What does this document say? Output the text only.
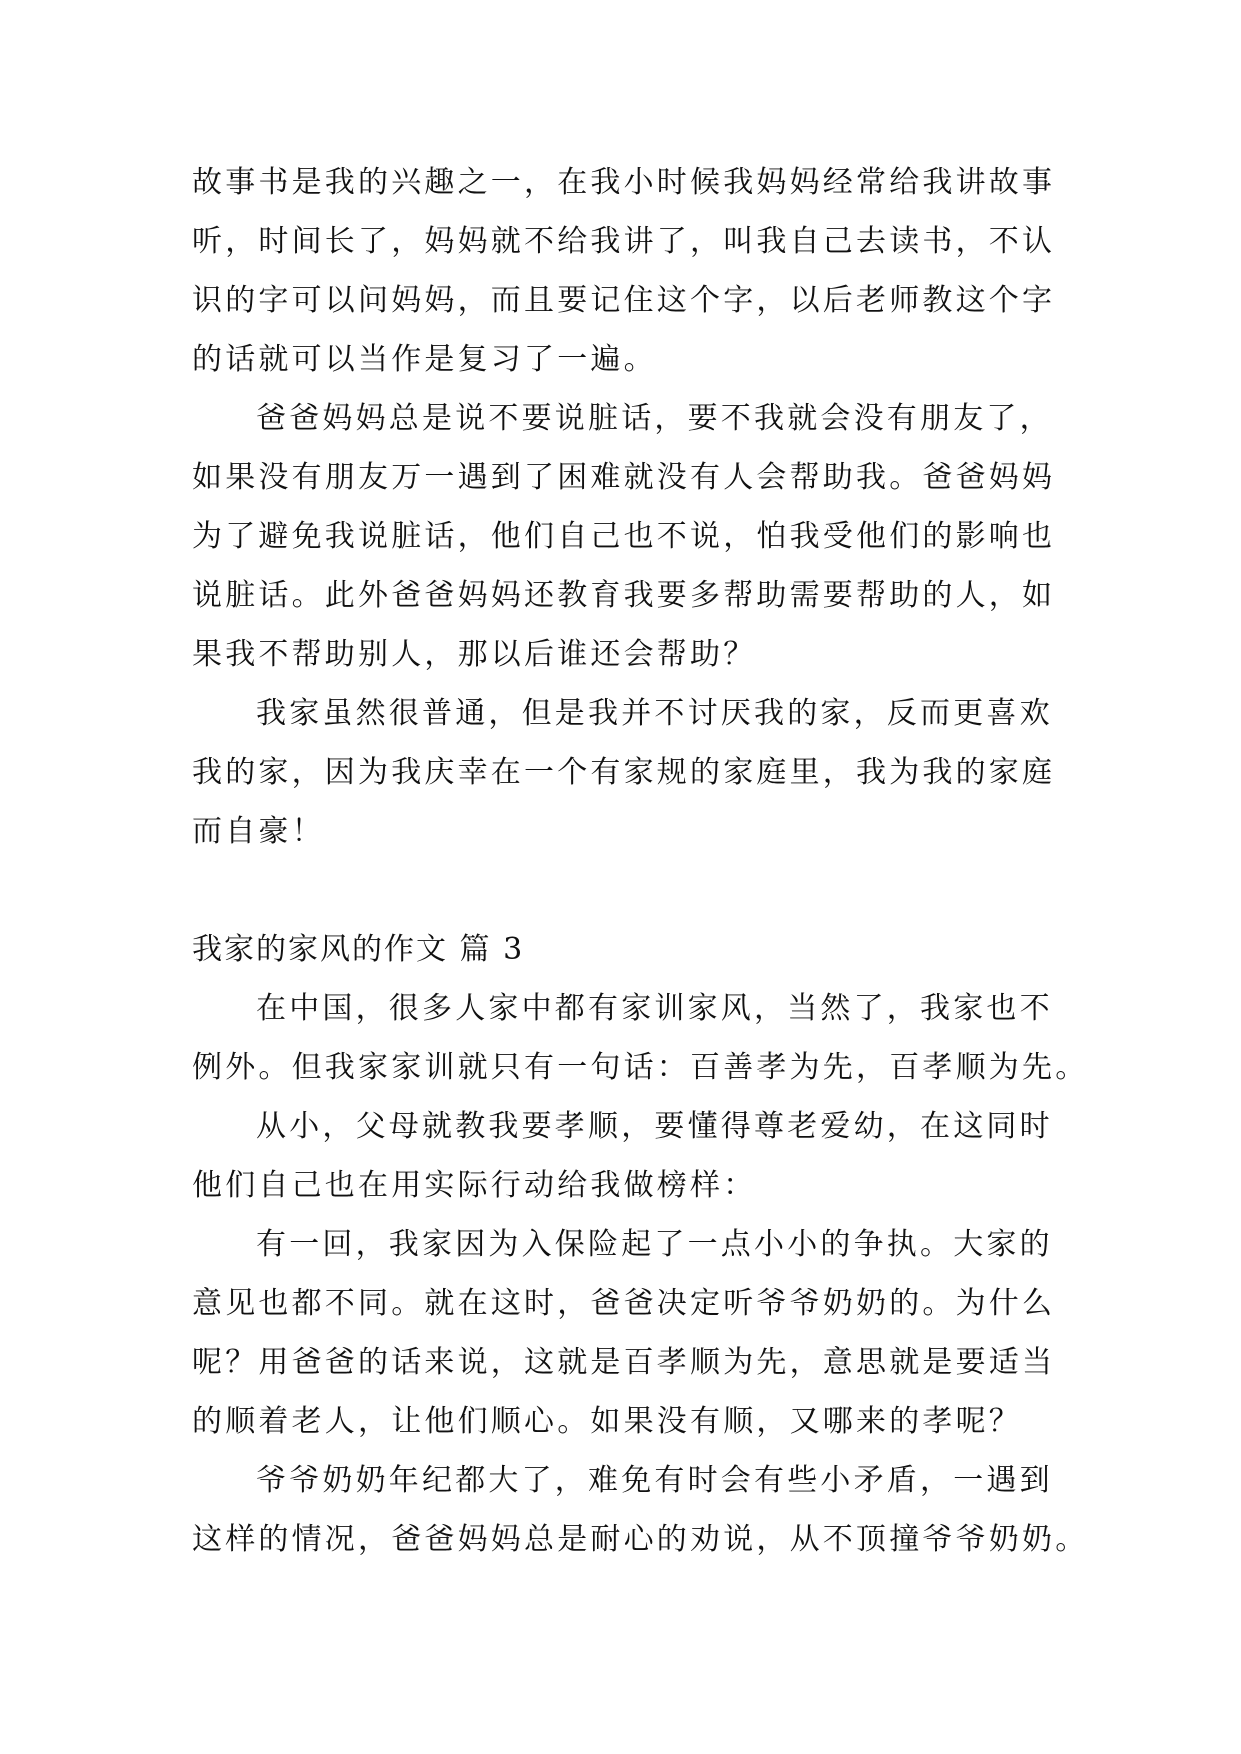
故事书是我的兴趣之一，在我小时候我妈妈经常给我讲故事
听，时间长了，妈妈就不给我讲了，叫我自己去读书，不认
识的字可以问妈妈，而且要记住这个字，以后老师教这个字
的话就可以当作是复习了一遍。
爸爸妈妈总是说不要说脏话，要不我就会没有朋友了，
如果没有朋友万一遇到了困难就没有人会帮助我。爸爸妈妈
为了避免我说脏话，他们自己也不说，怕我受他们的影响也
说脏话。此外爸爸妈妈还教育我要多帮助需要帮助的人，如
果我不帮助别人，那以后谁还会帮助？
我家虽然很普通，但是我并不讨厌我的家，反而更喜欢
我的家，因为我庆幸在一个有家规的家庭里，我为我的家庭
而自豪！
我家的家风的作文 篇 3
在中国，很多人家中都有家训家风，当然了，我家也不
例外。但我家家训就只有一句话：百善孝为先，百孝顺为先。
从小，父母就教我要孝顺，要懂得尊老爱幼，在这同时
他们自己也在用实际行动给我做榜样：
有一回，我家因为入保险起了一点小小的争执。大家的
意见也都不同。就在这时，爸爸决定听爷爷奶奶的。为什么
呢？用爸爸的话来说，这就是百孝顺为先，意思就是要适当
的顺着老人，让他们顺心。如果没有顺，又哪来的孝呢？
爷爷奶奶年纪都大了，难免有时会有些小矛盾，一遇到
这样的情况，爸爸妈妈总是耐心的劝说，从不顶撞爷爷奶奶。
